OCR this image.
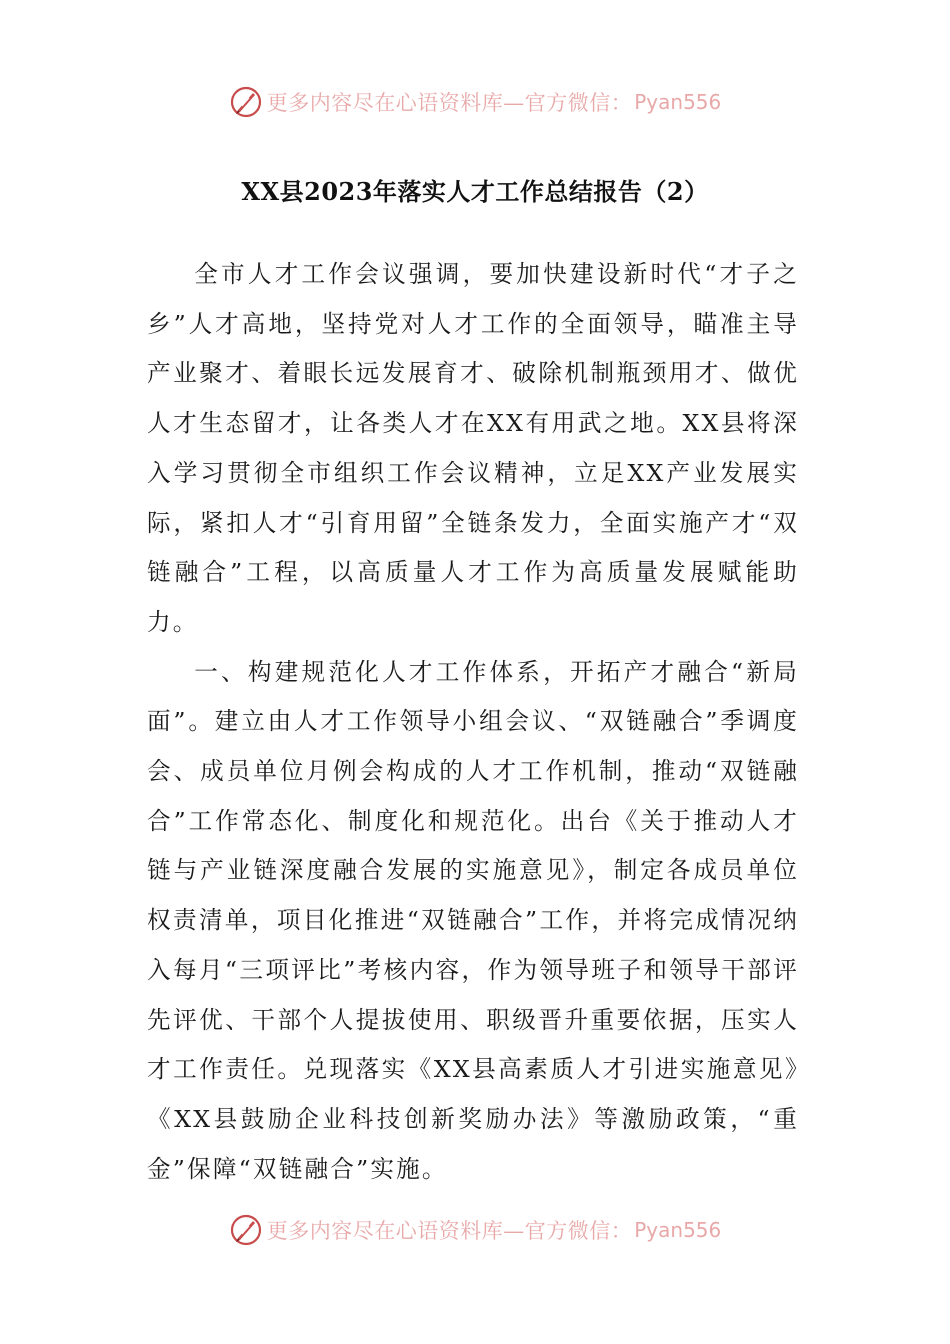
更多内容尽在心语资料库—官方微信： Pyan556
XX县2023年落实人才工作总结报告（2）

全市人才工作会议强调，要加快建设新时代“才子之乡”人才高地，坚持党对人才工作的全面领导，瞄准主导产业聚才、着眼长远发展育才、破除机制瓶颈用才、做优人才生态留才，让各类人才在XX有用武之地。XX县将深入学习贯彻全市组织工作会议精神，立足XX产业发展实际，紧扣人才“引育用留”全链条发力，全面实施产才“双链融合”工程，以高质量人才工作为高质量发展赋能助力。

一、构建规范化人才工作体系，开拓产才融合“新局面”。建立由人才工作领导小组会议、“双链融合”季调度会、成员单位月例会构成的人才工作机制，推动“双链融合”工作常态化、制度化和规范化。出台《关于推动人才链与产业链深度融合发展的实施意见》，制定各成员单位权责清单，项目化推进“双链融合”工作，并将完成情况纳入每月“三项评比”考核内容，作为领导班子和领导干部评先评优、干部个人提拔使用、职级晋升重要依据，压实人才工作责任。兑现落实《XX县高素质人才引进实施意见》《XX县鼓励企业科技创新奖励办法》等激励政策，“重金”保障“双链融合”实施。

更多内容尽在心语资料库—官方微信： Pyan556
